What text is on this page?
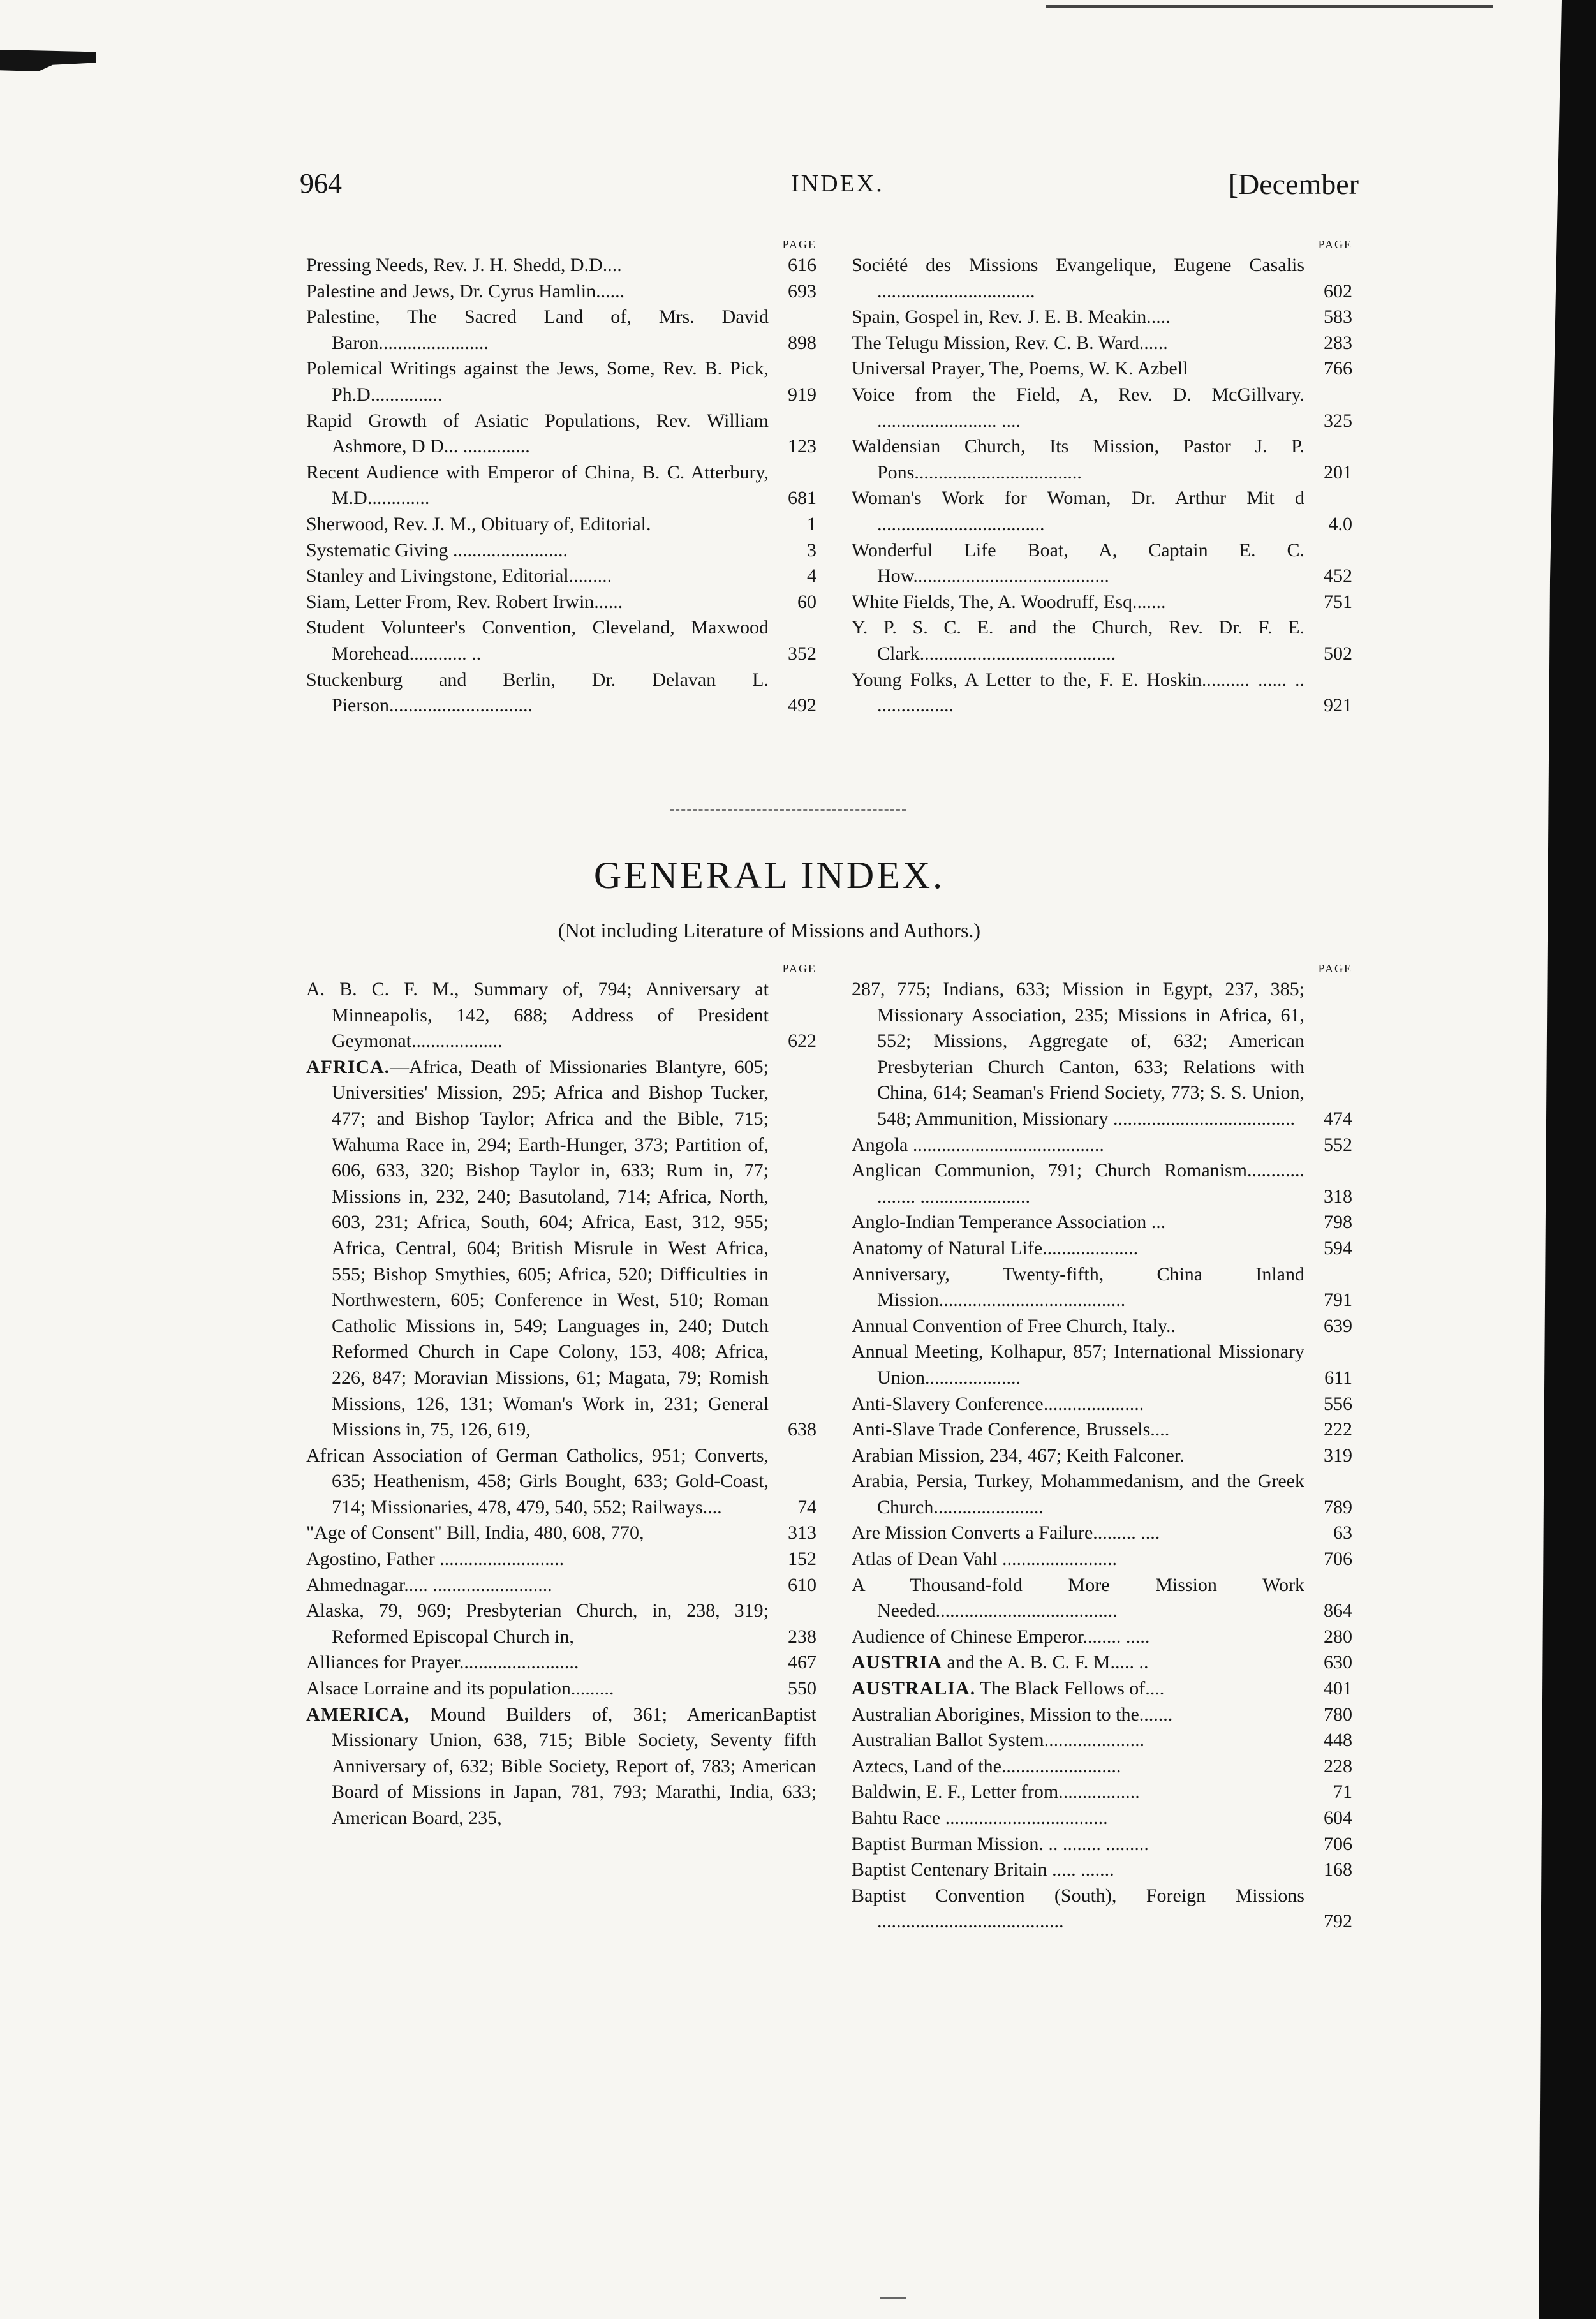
964	INDEX.	[December
PAGE
Pressing Needs, Rev. J. H. Shedd, D.D....	616
Palestine and Jews, Dr. Cyrus Hamlin......	693
Palestine, The Sacred Land of, Mrs. David Baron.......................	898
Polemical Writings against the Jews, Some, Rev. B. Pick, Ph.D...............	919
Rapid Growth of Asiatic Populations, Rev. William Ashmore, D D... ..............	123
Recent Audience with Emperor of China, B. C. Atterbury, M.D.............	681
Sherwood, Rev. J. M., Obituary of, Editorial.	1
Systematic Giving ........................	3
Stanley and Livingstone, Editorial.........	4
Siam, Letter From, Rev. Robert Irwin......	60
Student Volunteer's Convention, Cleveland, Maxwood Morehead............ ..	352
Stuckenburg and Berlin, Dr. Delavan L. Pierson..............................	492
PAGE
Société des Missions Evangelique, Eugene Casalis .................................	602
Spain, Gospel in, Rev. J. E. B. Meakin.....	583
The Telugu Mission, Rev. C. B. Ward......	283
Universal Prayer, The, Poems, W. K. Azbell	766
Voice from the Field, A, Rev. D. McGillvary. ......................... ....	325
Waldensian Church, Its Mission, Pastor J. P. Pons...................................	201
Woman's Work for Woman, Dr. Arthur Mit d ...................................	4.0
Wonderful Life Boat, A, Captain E. C. How.........................................	452
White Fields, The, A. Woodruff, Esq.......	751
Y. P. S. C. E. and the Church, Rev. Dr. F. E. Clark.........................................	502
Young Folks, A Letter to the, F. E. Hoskin.......... ...... .. ................	921
GENERAL INDEX.
(Not including Literature of Missions and Authors.)
PAGE
A. B. C. F. M., Summary of, 794; Anniversary at Minneapolis, 142, 688; Address of President Geymonat...................	622
AFRICA.—Africa, Death of Missionaries Blantyre, 605; Universities' Mission, 295; Africa and Bishop Tucker, 477; and Bishop Taylor; Africa and the Bible, 715; Wahuma Race in, 294; Earth-Hunger, 373; Partition of, 606, 633, 320; Bishop Taylor in, 633; Rum in, 77; Missions in, 232, 240; Basutoland, 714; Africa, North, 603, 231; Africa, South, 604; Africa, East, 312, 955; Africa, Central, 604; British Misrule in West Africa, 555; Bishop Smythies, 605; Africa, 520; Difficulties in Northwestern, 605; Conference in West, 510; Roman Catholic Missions in, 549; Languages in, 240; Dutch Reformed Church in Cape Colony, 153, 408; Africa, 226, 847; Moravian Missions, 61; Magata, 79; Romish Missions, 126, 131; Woman's Work in, 231; General Missions in, 75, 126, 619,	638
African Association of German Catholics, 951; Converts, 635; Heathenism, 458; Girls Bought, 633; Gold-Coast, 714; Missionaries, 478, 479, 540, 552; Railways....	74
"Age of Consent" Bill, India, 480, 608, 770,	313
Agostino, Father ..........................	152
Ahmednagar..... .........................	610
Alaska, 79, 969; Presbyterian Church, in, 238, 319; Reformed Episcopal Church in,	238
Alliances for Prayer.........................	467
Alsace Lorraine and its population.........	550
AMERICA, Mound Builders of, 361; AmericanBaptist Missionary Union, 638, 715; Bible Society, Seventy fifth Anniversary of, 632; Bible Society, Report of, 783; American Board of Missions in Japan, 781, 793; Marathi, India, 633; American Board, 235,
PAGE
287, 775; Indians, 633; Mission in Egypt, 237, 385; Missionary Association, 235; Missions in Africa, 61, 552; Missions, Aggregate of, 632; American Presbyterian Church Canton, 633; Relations with China, 614; Seaman's Friend Society, 773; S. S. Union, 548; Ammunition, Missionary ...................................... 474
Angola ........................................	552
Anglican Communion, 791; Church Romanism............ ........ .......................	318
Anglo-Indian Temperance Association ...	798
Anatomy of Natural Life....................	594
Anniversary, Twenty-fifth, China Inland Mission.......................................	791
Annual Convention of Free Church, Italy..	639
Annual Meeting, Kolhapur, 857; International Missionary Union....................	611
Anti-Slavery Conference.....................	556
Anti-Slave Trade Conference, Brussels....	222
Arabian Mission, 234, 467; Keith Falconer.	319
Arabia, Persia, Turkey, Mohammedanism, and the Greek Church.......................	789
Are Mission Converts a Failure......... ....	63
Atlas of Dean Vahl ........................	706
A Thousand-fold More Mission Work Needed......................................	864
Audience of Chinese Emperor........ .....	280
AUSTRIA and the A. B. C. F. M..... ..	630
AUSTRALIA. The Black Fellows of....	401
Australian Aborigines, Mission to the.......	780
Australian Ballot System.....................	448
Aztecs, Land of the.........................	228
Baldwin, E. F., Letter from.................	71
Bahtu Race ..................................	604
Baptist Burman Mission. .. ........ .........	706
Baptist Centenary Britain ..... .......	168
Baptist Convention (South), Foreign Missions .......................................	792
